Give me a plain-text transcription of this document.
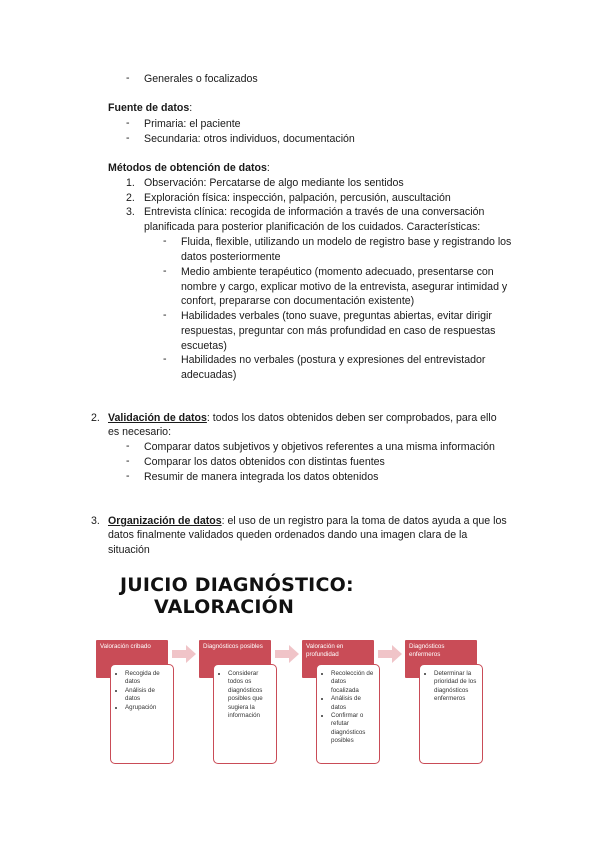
- Generales o focalizados
Fuente de datos:
- Primaria: el paciente
- Secundaria: otros individuos, documentación
Métodos de obtención de datos:
1. Observación: Percatarse de algo mediante los sentidos
2. Exploración física: inspección, palpación, percusión, auscultación
3. Entrevista clínica: recogida de información a través de una conversación
planificada para posterior planificación de los cuidados. Características:
- Fluida, flexible, utilizando un modelo de registro base y registrando los
datos posteriormente
- Medio ambiente terapéutico (momento adecuado, presentarse con
nombre y cargo, explicar motivo de la entrevista, asegurar intimidad y
confort, prepararse con documentación existente)
- Habilidades verbales (tono suave, preguntas abiertas, evitar dirigir
respuestas, preguntar con más profundidad en caso de respuestas
escuetas)
- Habilidades no verbales (postura y expresiones del entrevistador
adecuadas)
2. Validación de datos: todos los datos obtenidos deben ser comprobados, para ello
es necesario:
- Comparar datos subjetivos y objetivos referentes a una misma información
- Comparar los datos obtenidos con distintas fuentes
- Resumir de manera integrada los datos obtenidos
3. Organización de datos: el uso de un registro para la toma de datos ayuda a que los
datos finalmente validados queden ordenados dando una imagen clara de la
situación
JUICIO DIAGNÓSTICO:
VALORACIÓN
Valoración cribado
• Recogida de datos
• Análisis de datos
• Agrupación
Diagnósticos posibles
• Considerar todos os diagnósticos posibles que sugiera la información
Valoración en profundidad
• Recolección de datos focalizada
• Análisis de datos
• Confirmar o refutar diagnósticos posibles
Diagnósticos enfermeros
• Determinar la prioridad de los diagnósticos enfermeros
